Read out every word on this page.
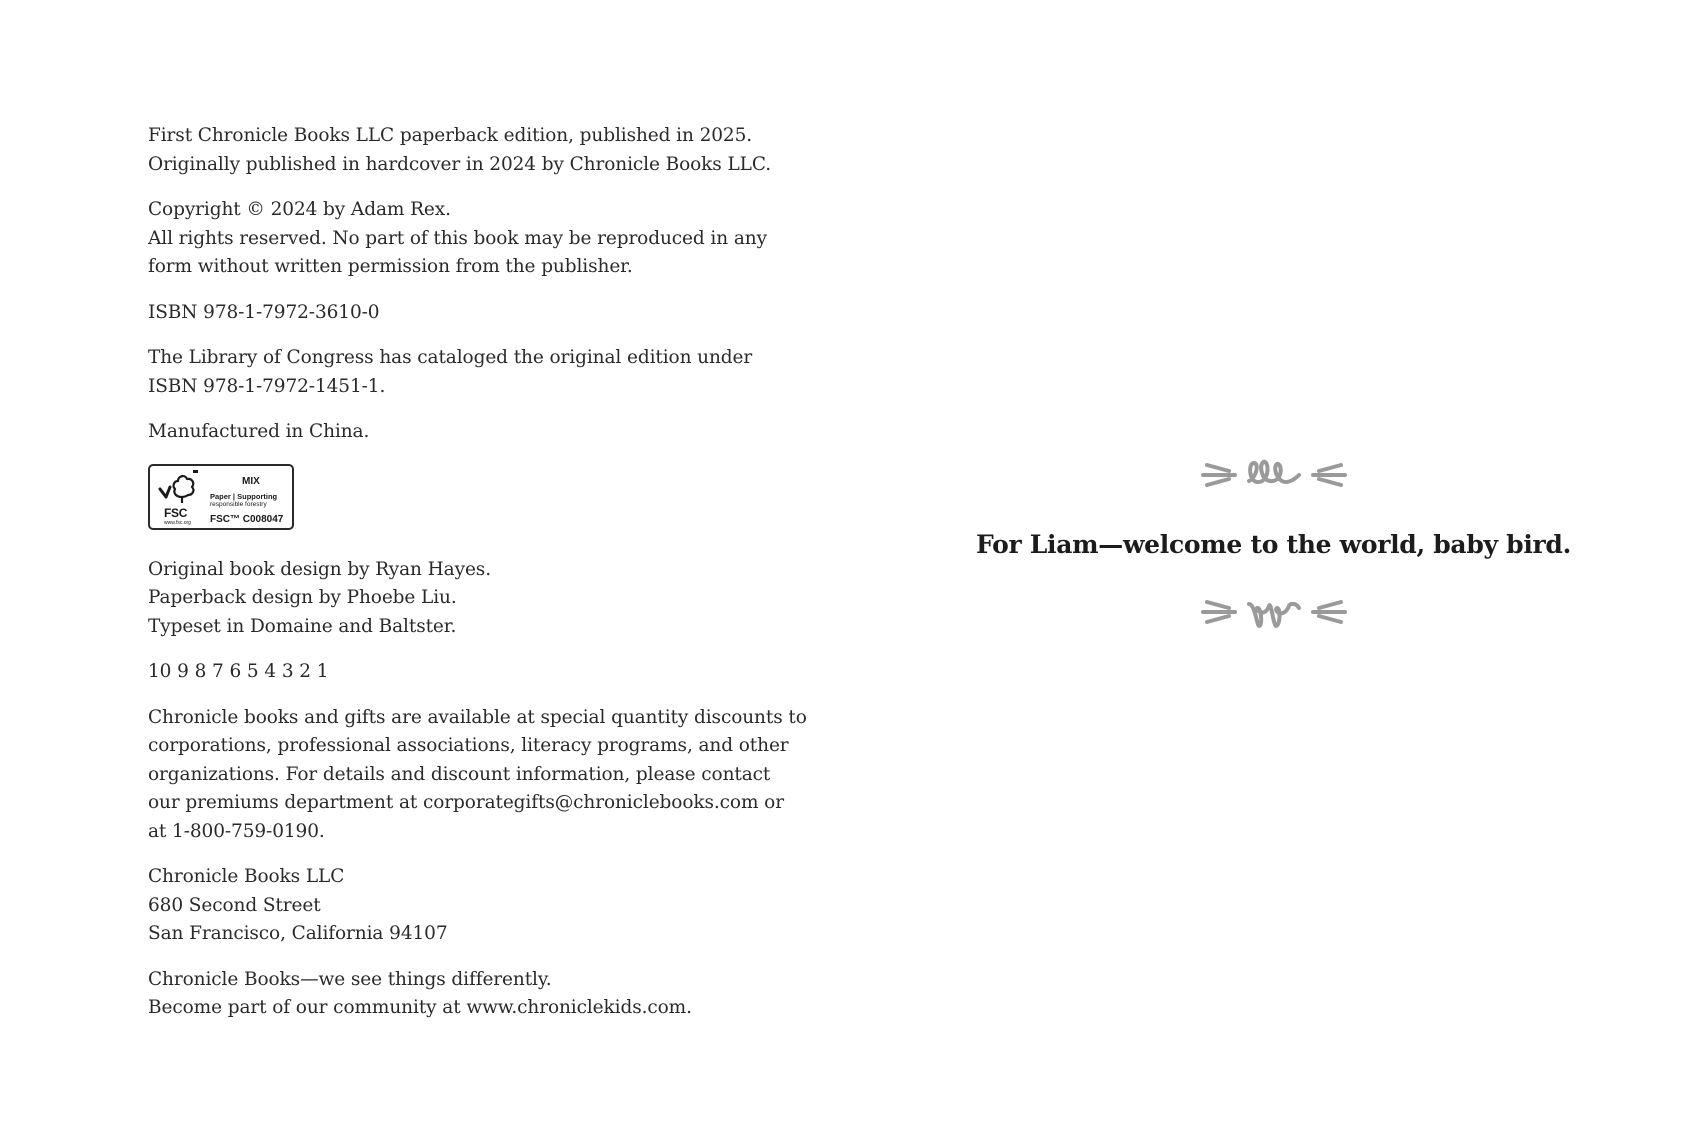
First Chronicle Books LLC paperback edition, published in 2025.
Originally published in hardcover in 2024 by Chronicle Books LLC.

Copyright © 2024 by Adam Rex.
All rights reserved. No part of this book may be reproduced in any
form without written permission from the publisher.

ISBN 978-1-7972-3610-0

The Library of Congress has cataloged the original edition under
ISBN 978-1-7972-1451-1.

Manufactured in China.

FSC
www.fsc.org
MIX
Paper | Supporting
responsible forestry
FSC™ C008047

Original book design by Ryan Hayes.
Paperback design by Phoebe Liu.
Typeset in Domaine and Baltster.

10 9 8 7 6 5 4 3 2 1

Chronicle books and gifts are available at special quantity discounts to
corporations, professional associations, literacy programs, and other
organizations. For details and discount information, please contact
our premiums department at corporategifts@chroniclebooks.com or
at 1-800-759-0190.

Chronicle Books LLC
680 Second Street
San Francisco, California 94107

Chronicle Books—we see things differently.
Become part of our community at www.chroniclekids.com.

For Liam—welcome to the world, baby bird.
